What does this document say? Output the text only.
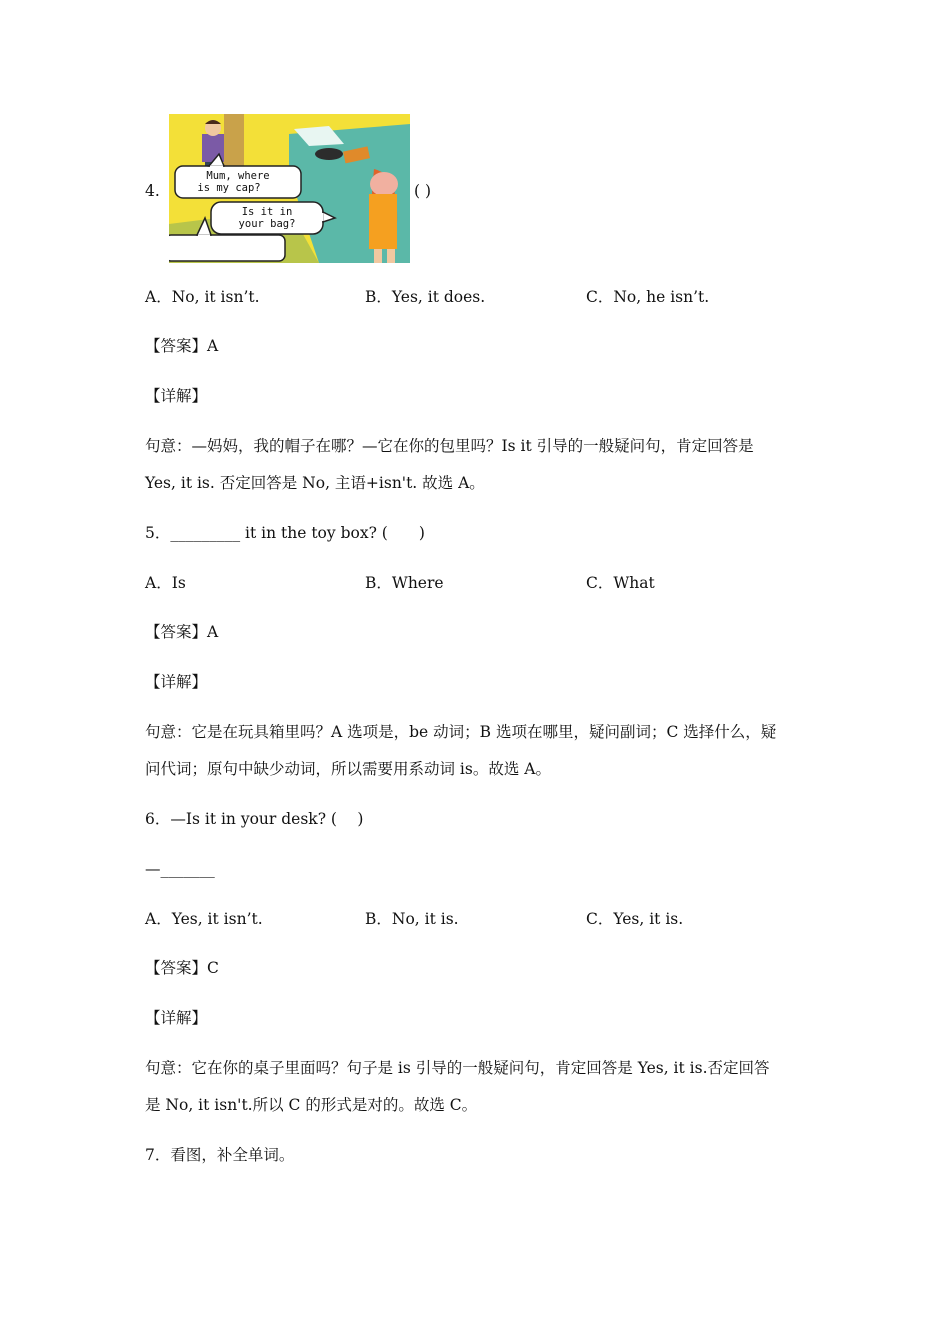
4.
Mum, where
is my cap?
Is it in
your bag?
( )
A．No, it isn’t.	B．Yes, it does.	C．No, he isn’t.
【答案】A
【详解】
句意：—妈妈，我的帽子在哪？—它在你的包里吗？Is it 引导的一般疑问句，肯定回答是
Yes, it is. 否定回答是 No, 主语+isn't. 故选 A。
5．_________ it in the toy box? (　　)
A．Is	B．Where	C．What
【答案】A
【详解】
句意：它是在玩具箱里吗？A 选项是，be 动词；B 选项在哪里，疑问副词；C 选择什么，疑
问代词；原句中缺少动词，所以需要用系动词 is。故选 A。
6．—Is it in your desk? (　 )
—_______
A．Yes, it isn’t.	B．No, it is.	C．Yes, it is.
【答案】C
【详解】
句意：它在你的桌子里面吗？句子是 is 引导的一般疑问句，肯定回答是 Yes, it is.否定回答
是 No, it isn't.所以 C 的形式是对的。故选 C。
7．看图，补全单词。
